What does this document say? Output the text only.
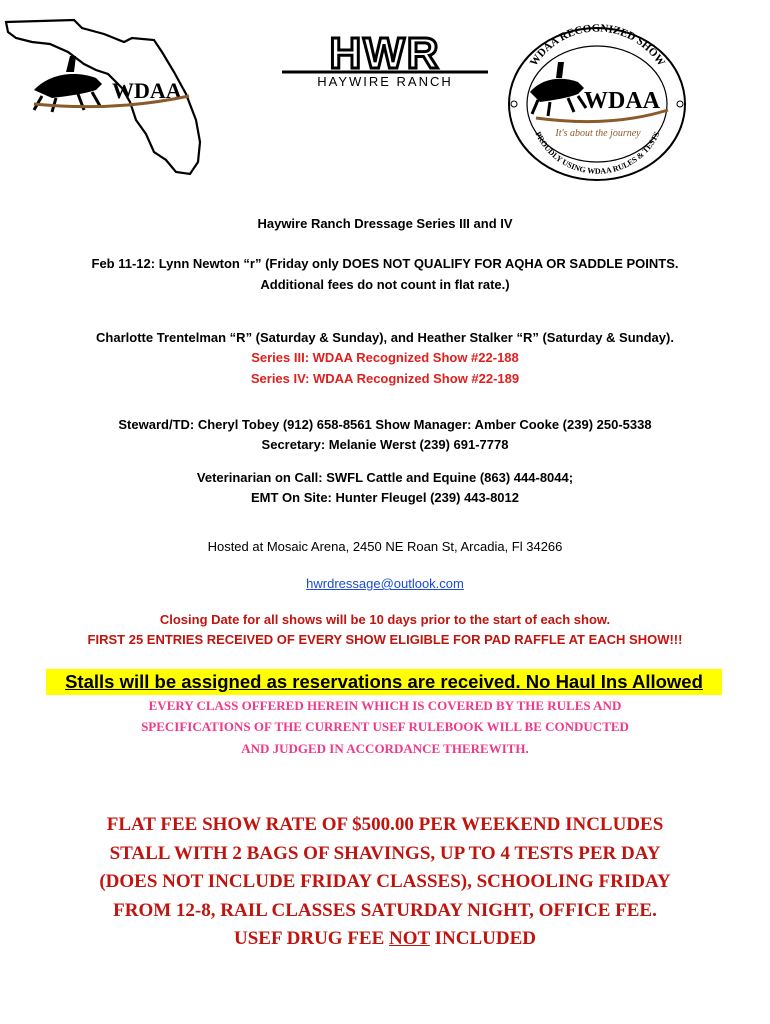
WDAA
HWR
HAYWIRE RANCH
WDAA RECOGNIZED SHOW
PROUDLY USING WDAA RULES & TESTS
WDAA
It's about the journey
Haywire Ranch Dressage Series III and IV
Feb 11-12: Lynn Newton “r” (Friday only DOES NOT QUALIFY FOR AQHA OR SADDLE POINTS.
Additional fees do not count in flat rate.)
Charlotte Trentelman “R” (Saturday & Sunday), and Heather Stalker “R” (Saturday & Sunday).
Series III: WDAA Recognized Show #22-188
Series IV: WDAA Recognized Show #22-189
Steward/TD: Cheryl Tobey (912) 658-8561 Show Manager: Amber Cooke (239) 250-5338
Secretary: Melanie Werst (239) 691-7778
Veterinarian on Call: SWFL Cattle and Equine (863) 444-8044;
EMT On Site: Hunter Fleugel (239) 443-8012
Hosted at Mosaic Arena, 2450 NE Roan St, Arcadia, Fl 34266
hwrdressage@outlook.com
Closing Date for all shows will be 10 days prior to the start of each show.
FIRST 25 ENTRIES RECEIVED OF EVERY SHOW ELIGIBLE FOR PAD RAFFLE AT EACH SHOW!!!
Stalls will be assigned as reservations are received. No Haul Ins Allowed
EVERY CLASS OFFERED HEREIN WHICH IS COVERED BY THE RULES AND
SPECIFICATIONS OF THE CURRENT USEF RULEBOOK WILL BE CONDUCTED
AND JUDGED IN ACCORDANCE THEREWITH.
FLAT FEE SHOW RATE OF $500.00 PER WEEKEND INCLUDES
STALL WITH 2 BAGS OF SHAVINGS, UP TO 4 TESTS PER DAY
(DOES NOT INCLUDE FRIDAY CLASSES), SCHOOLING FRIDAY
FROM 12-8, RAIL CLASSES SATURDAY NIGHT, OFFICE FEE.
USEF DRUG FEE NOT INCLUDED
